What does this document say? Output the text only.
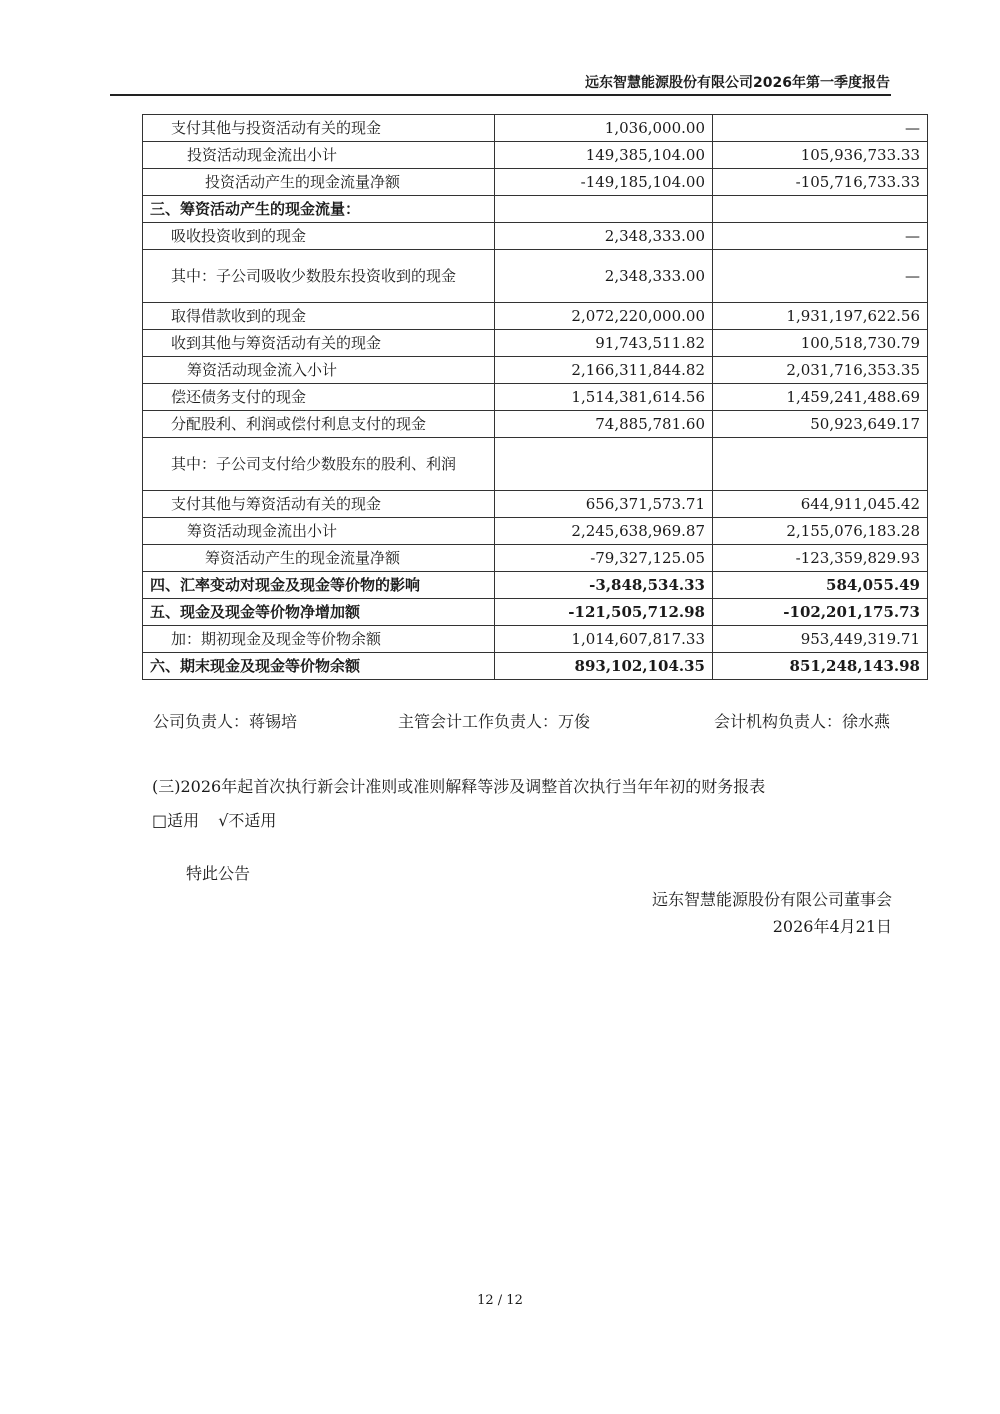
远东智慧能源股份有限公司2026年第一季度报告
支付其他与投资活动有关的现金	1,036,000.00	—
投资活动现金流出小计	149,385,104.00	105,936,733.33
投资活动产生的现金流量净额	-149,185,104.00	-105,716,733.33
三、筹资活动产生的现金流量：		
吸收投资收到的现金	2,348,333.00	—
其中：子公司吸收少数股东投资收到的现金	2,348,333.00	—
取得借款收到的现金	2,072,220,000.00	1,931,197,622.56
收到其他与筹资活动有关的现金	91,743,511.82	100,518,730.79
筹资活动现金流入小计	2,166,311,844.82	2,031,716,353.35
偿还债务支付的现金	1,514,381,614.56	1,459,241,488.69
分配股利、利润或偿付利息支付的现金	74,885,781.60	50,923,649.17
其中：子公司支付给少数股东的股利、利润		
支付其他与筹资活动有关的现金	656,371,573.71	644,911,045.42
筹资活动现金流出小计	2,245,638,969.87	2,155,076,183.28
筹资活动产生的现金流量净额	-79,327,125.05	-123,359,829.93
四、汇率变动对现金及现金等价物的影响	-3,848,534.33	584,055.49
五、现金及现金等价物净增加额	-121,505,712.98	-102,201,175.73
加：期初现金及现金等价物余额	1,014,607,817.33	953,449,319.71
六、期末现金及现金等价物余额	893,102,104.35	851,248,143.98
公司负责人：蒋锡培	主管会计工作负责人：万俊	会计机构负责人：徐水燕
(三)2026年起首次执行新会计准则或准则解释等涉及调整首次执行当年年初的财务报表
□适用 √不适用
特此公告
远东智慧能源股份有限公司董事会
2026年4月21日
12 / 12
